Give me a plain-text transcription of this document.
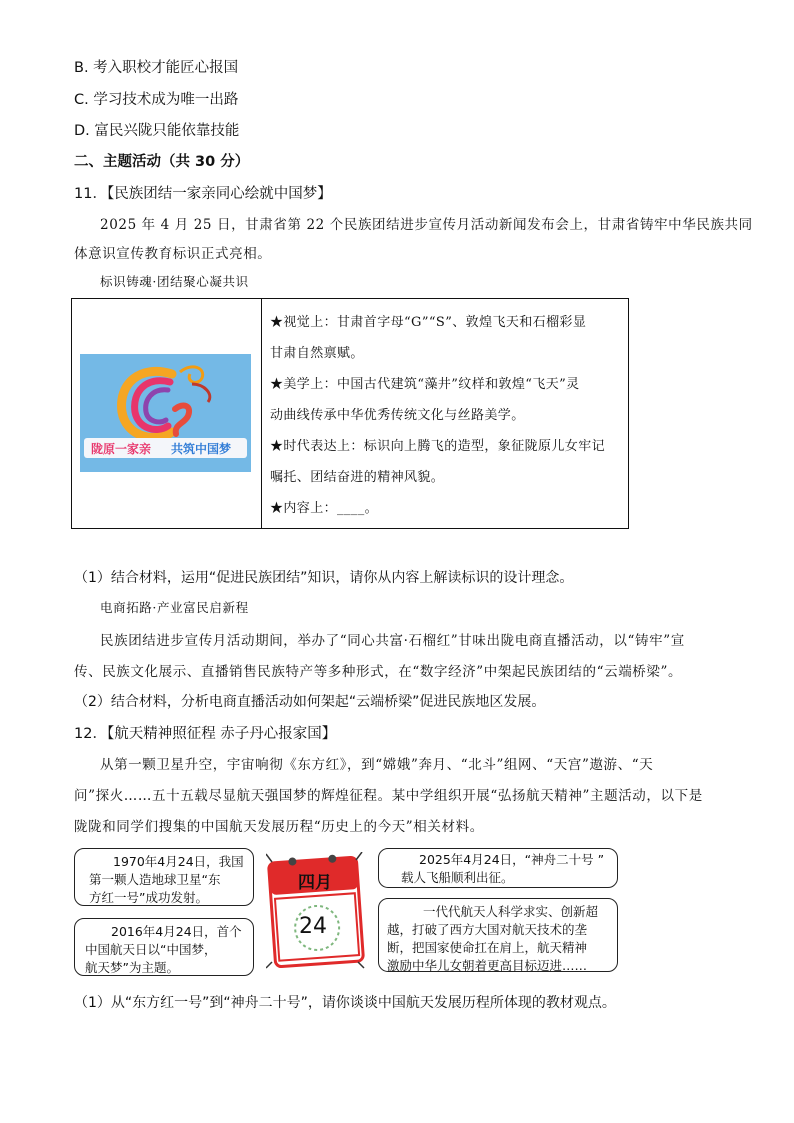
B. 考入职校才能匠心报国
C. 学习技术成为唯一出路
D. 富民兴陇只能依靠技能
二、主题活动（共 30 分）
11．【民族团结一家亲同心绘就中国梦】
2025 年 4 月 25 日，甘肃省第 22 个民族团结进步宣传月活动新闻发布会上，甘肃省铸牢中华民族共同
体意识宣传教育标识正式亮相。
标识铸魂·团结聚心凝共识
陇原一家亲 共筑中国梦
★视觉上：甘肃首字母“G”“S”、敦煌飞天和石榴彩显
甘肃自然禀赋。
★美学上：中国古代建筑“藻井”纹样和敦煌“飞天”灵
动曲线传承中华优秀传统文化与丝路美学。
★时代表达上：标识向上腾飞的造型，象征陇原儿女牢记
嘱托、团结奋进的精神风貌。
★内容上：____。
（1）结合材料，运用“促进民族团结”知识，请你从内容上解读标识的设计理念。
电商拓路·产业富民启新程
民族团结进步宣传月活动期间，举办了“同心共富·石榴红”甘味出陇电商直播活动，以“铸牢”宣
传、民族文化展示、直播销售民族特产等多种形式，在“数字经济”中架起民族团结的“云端桥梁”。
（2）结合材料，分析电商直播活动如何架起“云端桥梁”促进民族地区发展。
12．【航天精神照征程 赤子丹心报家国】
从第一颗卫星升空，宇宙响彻《东方红》，到“嫦娥”奔月、“北斗”组网、“天宫”遨游、“天
问”探火……五十五载尽显航天强国梦的辉煌征程。某中学组织开展“弘扬航天精神”主题活动，以下是
陇陇和同学们搜集的中国航天发展历程“历史上的今天”相关材料。
1970年4月24日，我国
第一颗人造地球卫星“东
方红一号”成功发射。
2016年4月24日，首个
中国航天日以“中国梦，
航天梦”为主题。
2025年4月24日，“神舟二十号 ”
载人飞船顺利出征。
一代代航天人科学求实、创新超
越，打破了西方大国对航天技术的垄
断，把国家使命扛在肩上，航天精神
激励中华儿女朝着更高目标迈进……
四月
24
（1）从“东方红一号”到“神舟二十号”，请你谈谈中国航天发展历程所体现的教材观点。
